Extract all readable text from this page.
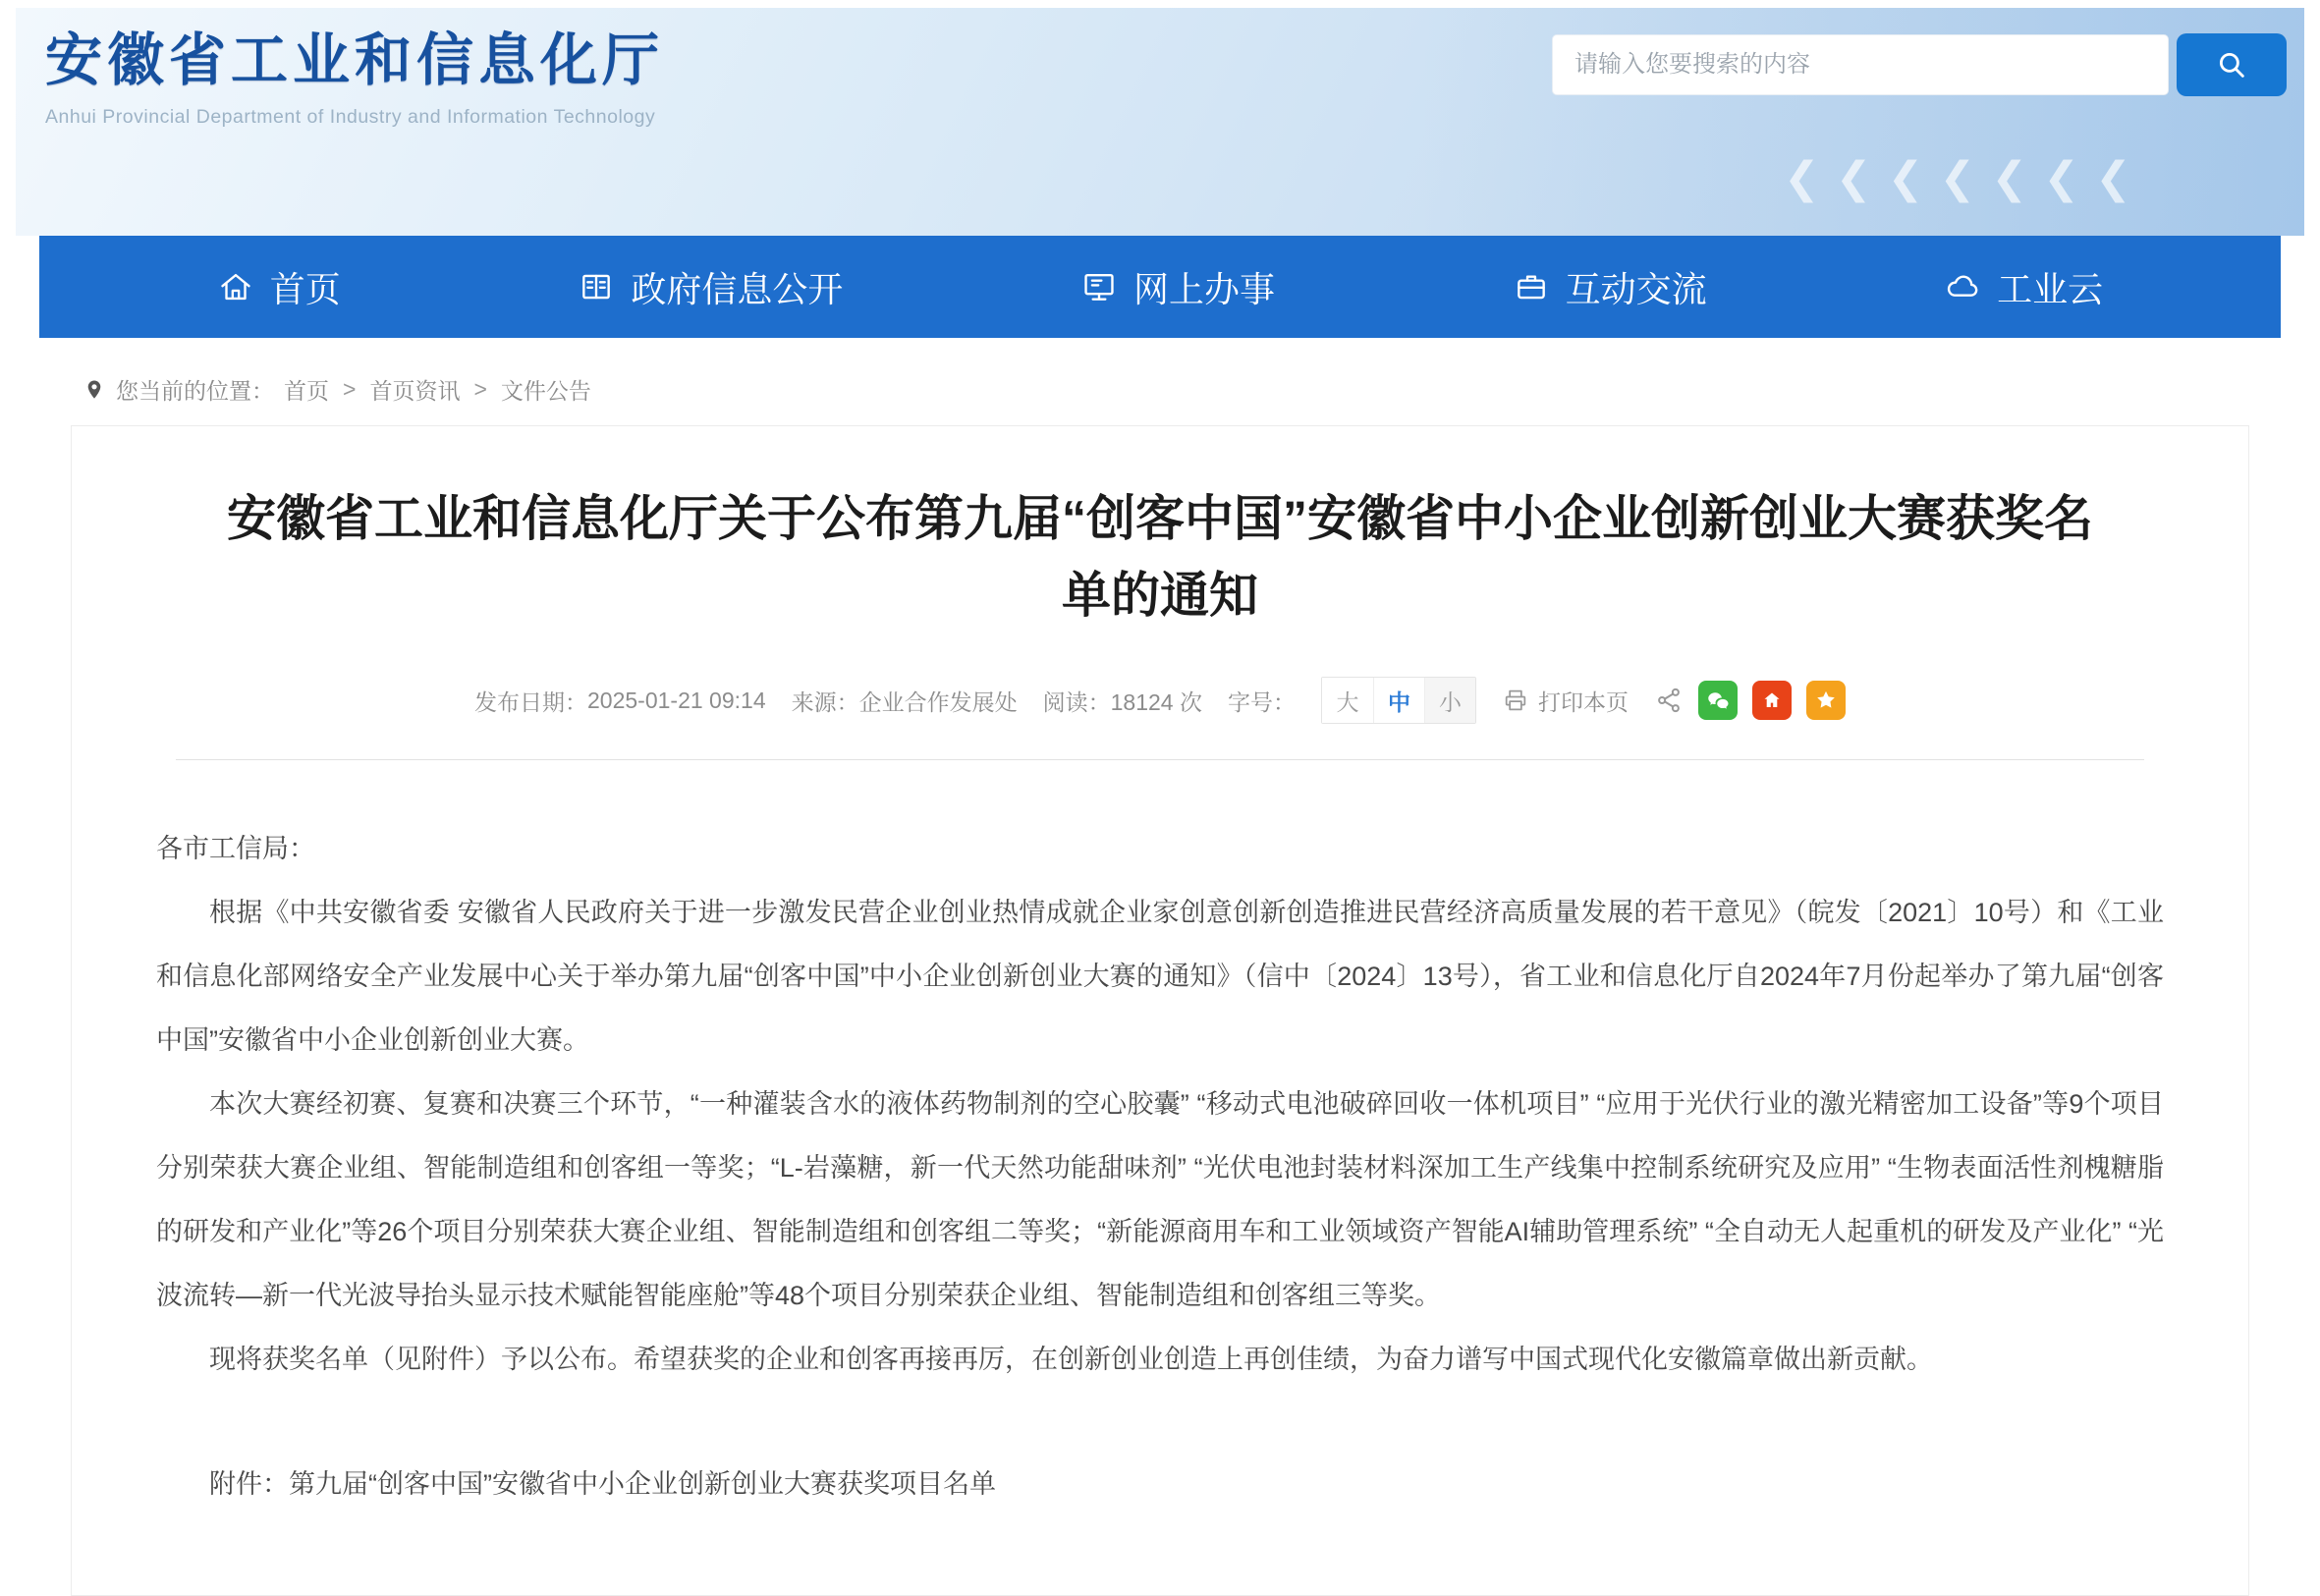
安徽省工业和信息化厅
Anhui Provincial Department of Industry and Information Technology
❮❮❮❮❮❮❮
请输入您要搜索的内容
首页	政府信息公开	网上办事	互动交流	工业云
您当前的位置： 首页 > 首页资讯 > 文件公告
安徽省工业和信息化厅关于公布第九届“创客中国”安徽省中小企业创新创业大赛获奖名单的通知
发布日期： 2025-01-21 09:14 来源： 企业合作发展处 阅读： 18124 次 字号：	大	中	小	打印本页

各市工信局：

根据《中共安徽省委 安徽省人民政府关于进一步激发民营企业创业热情成就企业家创意创新创造推进民营经济高质量发展的若干意见》（皖发〔2021〕10号）和《工业和信息化部网络安全产业发展中心关于举办第九届“创客中国”中小企业创新创业大赛的通知》（信中〔2024〕13号），省工业和信息化厅自2024年7月份起举办了第九届“创客中国”安徽省中小企业创新创业大赛。

本次大赛经初赛、复赛和决赛三个环节，“一种灌装含水的液体药物制剂的空心胶囊” “移动式电池破碎回收一体机项目” “应用于光伏行业的激光精密加工设备”等9个项目分别荣获大赛企业组、智能制造组和创客组一等奖；“L-岩藻糖，新一代天然功能甜味剂” “光伏电池封装材料深加工生产线集中控制系统研究及应用” “生物表面活性剂槐糖脂的研发和产业化”等26个项目分别荣获大赛企业组、智能制造组和创客组二等奖；“新能源商用车和工业领域资产智能AI辅助管理系统” “全自动无人起重机的研发及产业化” “光波流转—新一代光波导抬头显示技术赋能智能座舱”等48个项目分别荣获企业组、智能制造组和创客组三等奖。

现将获奖名单（见附件）予以公布。希望获奖的企业和创客再接再厉，在创新创业创造上再创佳绩，为奋力谱写中国式现代化安徽篇章做出新贡献。

附件：第九届“创客中国”安徽省中小企业创新创业大赛获奖项目名单
